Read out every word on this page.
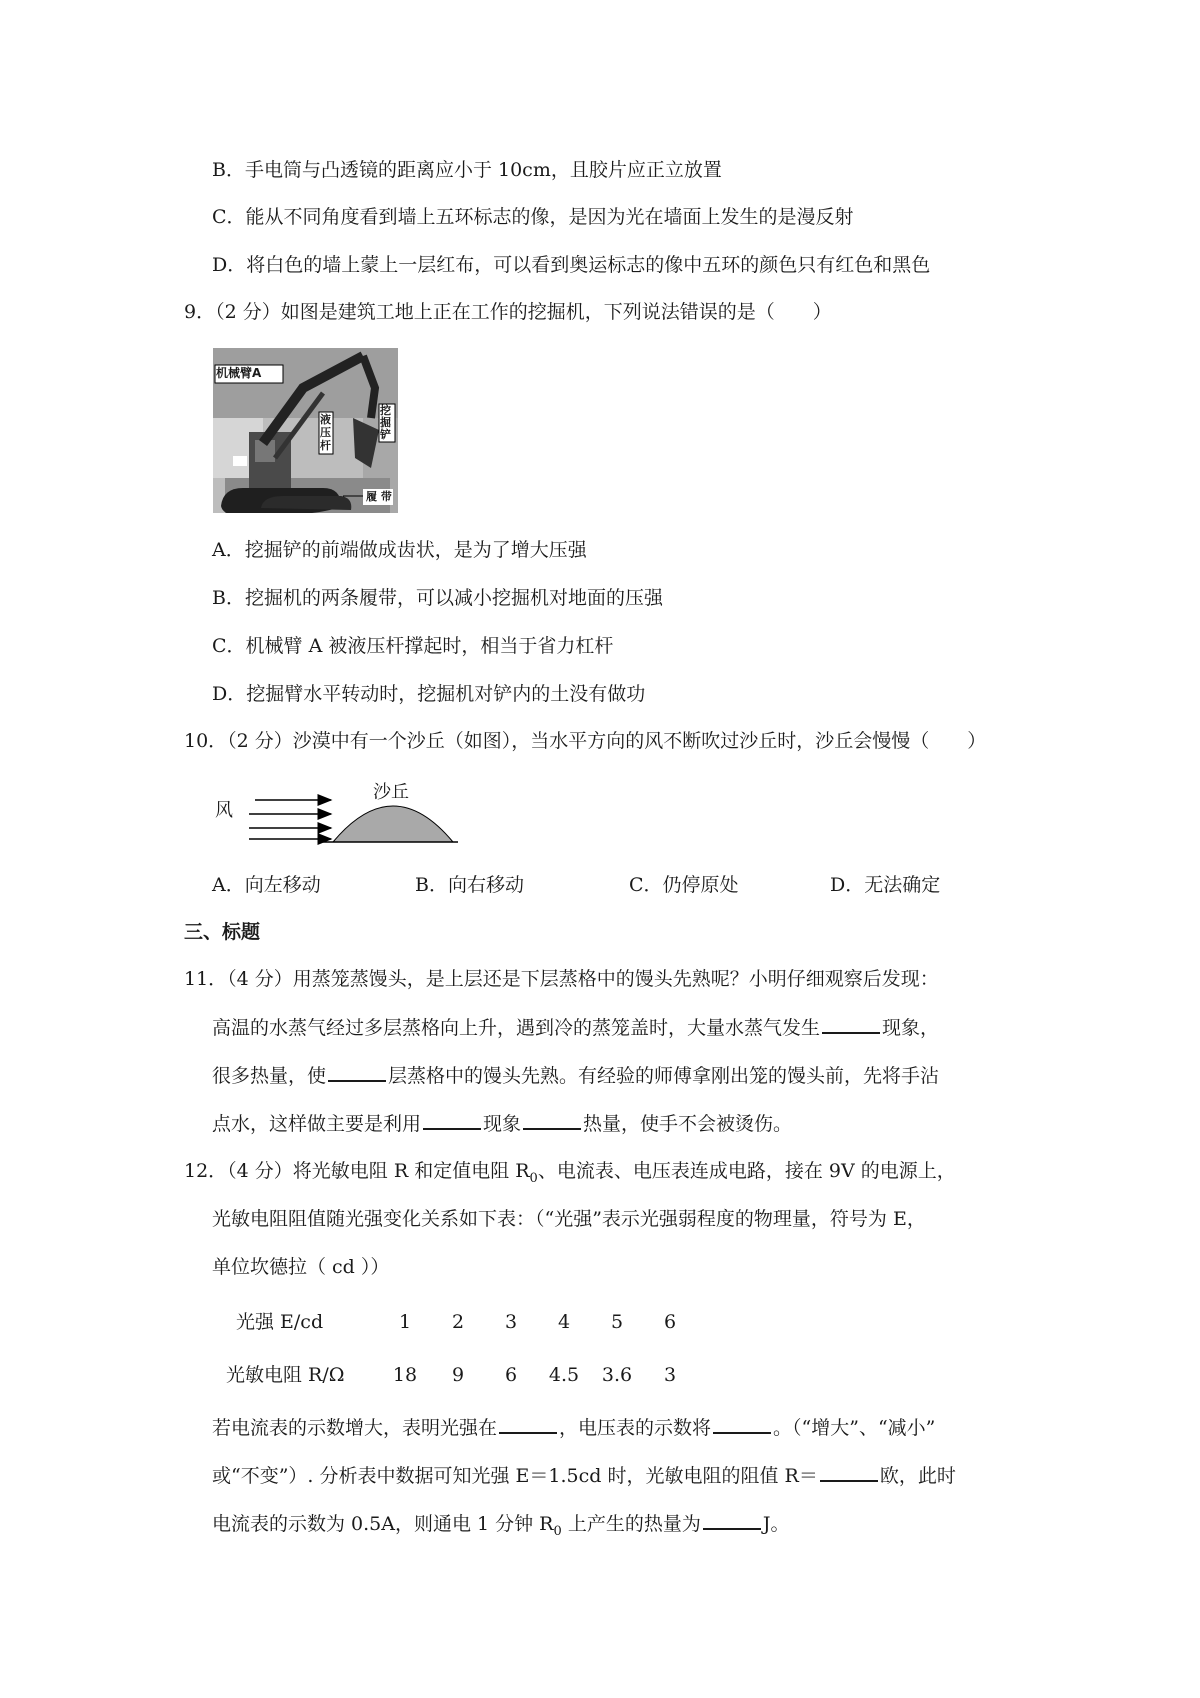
B．手电筒与凸透镜的距离应小于 10cm，且胶片应正立放置
C．能从不同角度看到墙上五环标志的像，是因为光在墙面上发生的是漫反射
D．将白色的墙上蒙上一层红布，可以看到奥运标志的像中五环的颜色只有红色和黑色
9．（2 分）如图是建筑工地上正在工作的挖掘机，下列说法错误的是（　　）
机械臂A
液压杆
挖掘铲
履 带
A．挖掘铲的前端做成齿状，是为了增大压强
B．挖掘机的两条履带，可以减小挖掘机对地面的压强
C．机械臂 A 被液压杆撑起时，相当于省力杠杆
D．挖掘臂水平转动时，挖掘机对铲内的土没有做功
10．（2 分）沙漠中有一个沙丘（如图），当水平方向的风不断吹过沙丘时，沙丘会慢慢（　　）
风
沙丘
A．向左移动	B．向右移动	C．仍停原处	D．无法确定
三、标题
11．（4 分）用蒸笼蒸馒头，是上层还是下层蒸格中的馒头先熟呢？小明仔细观察后发现：
高温的水蒸气经过多层蒸格向上升，遇到冷的蒸笼盖时，大量水蒸气发生	现象，
很多热量，使	层蒸格中的馒头先熟。有经验的师傅拿刚出笼的馒头前，先将手沾
点水，这样做主要是利用	现象	热量，使手不会被烫伤。
12．（4 分）将光敏电阻 R 和定值电阻 $R_0$、电流表、电压表连成电路，接在 9V 的电源上，
光敏电阻阻值随光强变化关系如下表：（“光强”表示光强弱程度的物理量，符号为 E，
单位坎德拉（ cd ））
光强 E/cd	1	2	3	4	5	6
光敏电阻 R/Ω	18	9	6	4.5 3.6	3
若电流表的示数增大，表明光强在	，电压表的示数将	。（“增大”、“减小”
或“不变”）. 分析表中数据可知光强 E＝1.5cd 时，光敏电阻的阻值 R＝	欧，此时
电流表的示数为 0.5A，则通电 1 分钟 $R_0$ 上产生的热量为	J。
